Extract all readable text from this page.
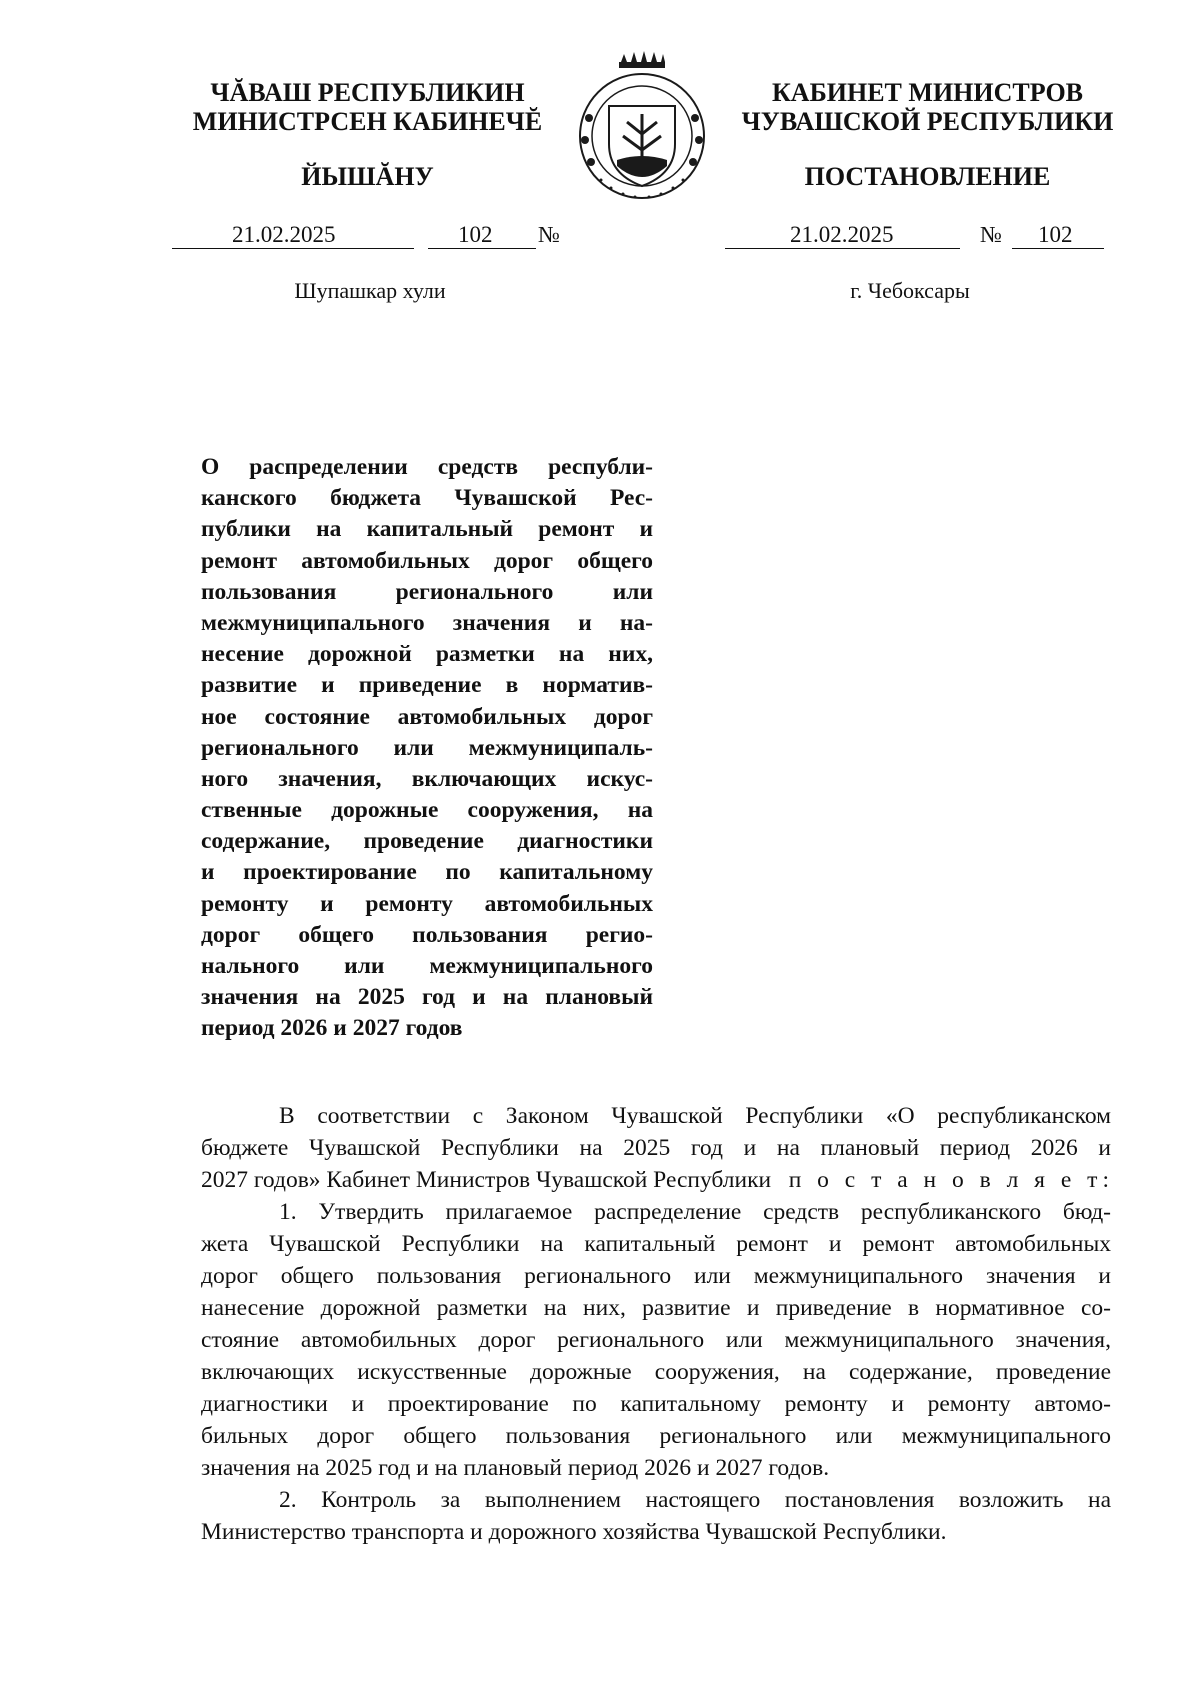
ЧĂВАШ РЕСПУБЛИКИН
МИНИСТРСЕН КАБИНЕЧĔ
ЙЫШĂНУ
21.02.2025	102 №
Шупашкар хули
КАБИНЕТ МИНИСТРОВ
ЧУВАШСКОЙ РЕСПУБЛИКИ
ПОСТАНОВЛЕНИЕ
21.02.2025	№ 102
г. Чебоксары
О распределении средств республи-
канского бюджета Чувашской Рес-
публики на капитальный ремонт и
ремонт автомобильных дорог общего
пользования регионального или
межмуниципального значения и на-
несение дорожной разметки на них,
развитие и приведение в норматив-
ное состояние автомобильных дорог
регионального или межмуниципаль-
ного значения, включающих искус-
ственные дорожные сооружения, на
содержание, проведение диагностики
и проектирование по капитальному
ремонту и ремонту автомобильных
дорог общего пользования регио-
нального или межмуниципального
значения на 2025 год и на плановый
период 2026 и 2027 годов
В соответствии с Законом Чувашской Республики «О республиканском
бюджете Чувашской Республики на 2025 год и на плановый период 2026 и
2027 годов» Кабинет Министров Чувашской Республики п о с т а н о в л я е т:
1. Утвердить прилагаемое распределение средств республиканского бюд-
жета Чувашской Республики на капитальный ремонт и ремонт автомобильных
дорог общего пользования регионального или межмуниципального значения и
нанесение дорожной разметки на них, развитие и приведение в нормативное со-
стояние автомобильных дорог регионального или межмуниципального значения,
включающих искусственные дорожные сооружения, на содержание, проведение
диагностики и проектирование по капитальному ремонту и ремонту автомо-
бильных дорог общего пользования регионального или межмуниципального
значения на 2025 год и на плановый период 2026 и 2027 годов.
2. Контроль за выполнением настоящего постановления возложить на
Министерство транспорта и дорожного хозяйства Чувашской Республики.
